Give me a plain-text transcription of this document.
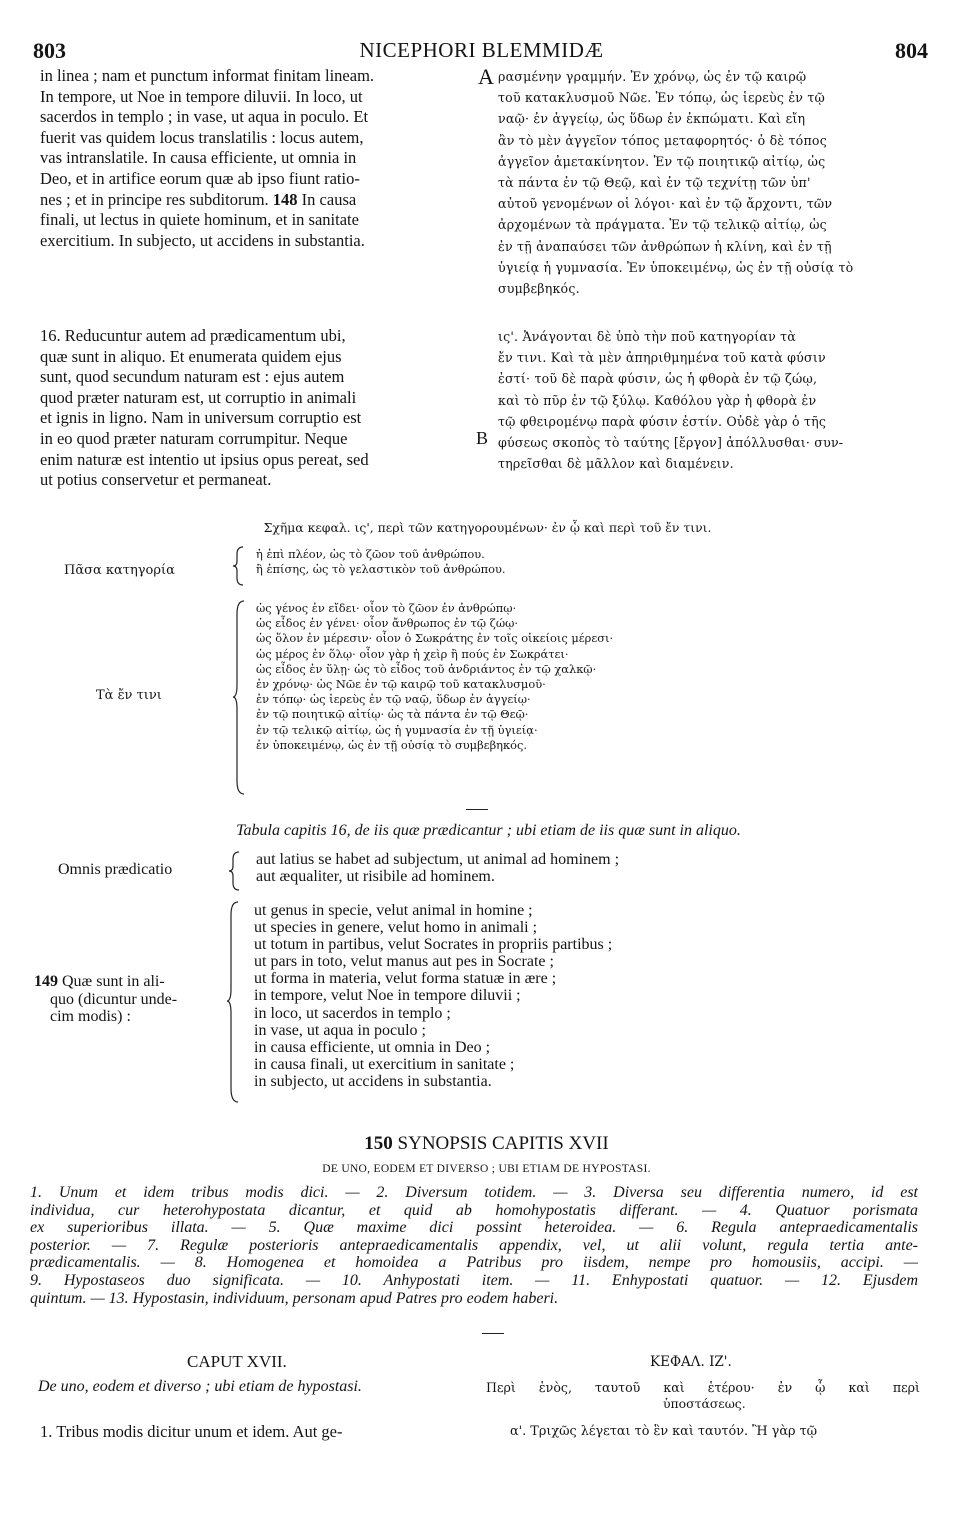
803	NICEPHORI BLEMMIDÆ	804
in linea ; nam et punctum informat finitam lineam.
In tempore, ut Noe in tempore diluvii. In loco, ut
sacerdos in templo ; in vase, ut aqua in poculo. Et
fuerit vas quidem locus translatilis : locus autem,
vas intranslatile. In causa efficiente, ut omnia in
Deo, et in artifice eorum quæ ab ipso fiunt ratio-
nes ; et in principe res subditorum. 148 In causa
finali, ut lectus in quiete hominum, et in sanitate
exercitium. In subjecto, ut accidens in substantia.
A
B
ρασμένην γραμμήν. Ἐν χρόνῳ, ὡς ἐν τῷ καιρῷ
τοῦ κατακλυσμοῦ Νῶε. Ἐν τόπῳ, ὡς ἱερεὺς ἐν τῷ
ναῷ· ἐν ἀγγείῳ, ὡς ὕδωρ ἐν ἐκπώματι. Καὶ εἴη
ἂν τὸ μὲν ἀγγεῖον τόπος μεταφορητός· ὁ δὲ τόπος
ἀγγεῖον ἀμετακίνητον. Ἐν τῷ ποιητικῷ αἰτίῳ, ὡς
τὰ πάντα ἐν τῷ Θεῷ, καὶ ἐν τῷ τεχνίτῃ τῶν ὑπ'
αὐτοῦ γενομένων οἱ λόγοι· καὶ ἐν τῷ ἄρχοντι, τῶν
ἀρχομένων τὰ πράγματα. Ἐν τῷ τελικῷ αἰτίῳ, ὡς
ἐν τῇ ἀναπαύσει τῶν ἀνθρώπων ἡ κλίνη, καὶ ἐν τῇ
ὑγιείᾳ ἡ γυμνασία. Ἐν ὑποκειμένῳ, ὡς ἐν τῇ οὐσίᾳ τὸ
συμβεβηκός.
16. Reducuntur autem ad prædicamentum ubi,
quæ sunt in aliquo. Et enumerata quidem ejus
sunt, quod secundum naturam est : ejus autem
quod præter naturam est, ut corruptio in animali
et ignis in ligno. Nam in universum corruptio est
in eo quod præter naturam corrumpitur. Neque
enim naturæ est intentio ut ipsius opus pereat, sed
ut potius conservetur et permaneat.
ις'. Ἀνάγονται δὲ ὑπὸ τὴν ποῦ κατηγορίαν τὰ
ἔν τινι. Καὶ τὰ μὲν ἀπηριθμημένα τοῦ κατὰ φύσιν
ἐστί· τοῦ δὲ παρὰ φύσιν, ὡς ἡ φθορὰ ἐν τῷ ζώῳ,
καὶ τὸ πῦρ ἐν τῷ ξύλῳ. Καθόλου γὰρ ἡ φθορὰ ἐν
τῷ φθειρομένῳ παρὰ φύσιν ἐστίν. Οὐδὲ γὰρ ὁ τῆς
φύσεως σκοπὸς τὸ ταύτης [ἔργον] ἀπόλλυσθαι· συν-
τηρεῖσθαι δὲ μᾶλλον καὶ διαμένειν.
Σχῆμα κεφαλ. ις', περὶ τῶν κατηγορουμένων· ἐν ᾧ καὶ περὶ τοῦ ἔν τινι.
Πᾶσα κατηγορία
ἡ ἐπὶ πλέον, ὡς τὸ ζῶον τοῦ ἀνθρώπου.
ἢ ἐπίσης, ὡς τὸ γελαστικὸν τοῦ ἀνθρώπου.
Τὰ ἔν τινι
ὡς γένος ἐν εἴδει· οἷον τὸ ζῶον ἐν ἀνθρώπῳ·
ὡς εἶδος ἐν γένει· οἷον ἄνθρωπος ἐν τῷ ζώῳ·
ὡς ὅλον ἐν μέρεσιν· οἷον ὁ Σωκράτης ἐν τοῖς οἰκείοις μέρεσι·
ὡς μέρος ἐν ὅλῳ· οἷον γὰρ ἡ χεὶρ ἢ πούς ἐν Σωκράτει·
ὡς εἶδος ἐν ὕλῃ· ὡς τὸ εἶδος τοῦ ἀνδριάντος ἐν τῷ χαλκῷ·
ἐν χρόνῳ· ὡς Νῶε ἐν τῷ καιρῷ τοῦ κατακλυσμοῦ·
ἐν τόπῳ· ὡς ἱερεὺς ἐν τῷ ναῷ, ὕδωρ ἐν ἀγγείῳ·
ἐν τῷ ποιητικῷ αἰτίῳ· ὡς τὰ πάντα ἐν τῷ Θεῷ·
ἐν τῷ τελικῷ αἰτίῳ, ὡς ἡ γυμνασία ἐν τῇ ὑγιείᾳ·
ἐν ὑποκειμένῳ, ὡς ἐν τῇ οὐσίᾳ τὸ συμβεβηκός.
Tabula capitis 16, de iis quæ prædicantur ; ubi etiam de iis quæ sunt in aliquo.
Omnis prædicatio
aut latius se habet ad subjectum, ut animal ad hominem ;
aut æqualiter, ut risibile ad hominem.
149 Quæ sunt in ali-
quo (dicuntur unde-
cim modis) :
ut genus in specie, velut animal in homine ;
ut species in genere, velut homo in animali ;
ut totum in partibus, velut Socrates in propriis partibus ;
ut pars in toto, velut manus aut pes in Socrate ;
ut forma in materia, velut forma statuæ in ære ;
in tempore, velut Noe in tempore diluvii ;
in loco, ut sacerdos in templo ;
in vase, ut aqua in poculo ;
in causa efficiente, ut omnia in Deo ;
in causa finali, ut exercitium in sanitate ;
in subjecto, ut accidens in substantia.
150 SYNOPSIS CAPITIS XVII
DE UNO, EODEM ET DIVERSO ; UBI ETIAM DE HYPOSTASI.
1. Unum et idem tribus modis dici. — 2. Diversum totidem. — 3. Diversa seu differentia numero, id est
individua, cur heterohypostata dicantur, et quid ab homohypostatis differant. — 4. Quatuor porismata
ex superioribus illata. — 5. Quæ maxime dici possint heteroidea. — 6. Regula antepraedicamentalis
posterior. — 7. Regulæ posterioris antepraedicamentalis appendix, vel, ut alii volunt, regula tertia ante-
prædicamentalis. — 8. Homogenea et homoidea a Patribus pro iisdem, nempe pro homousiis, accipi. —
9. Hypostaseos duo significata. — 10. Anhypostati item. — 11. Enhypostati quatuor. — 12. Ejusdem
quintum. — 13. Hypostasin, individuum, personam apud Patres pro eodem haberi.
CAPUT XVII.
De uno, eodem et diverso ; ubi etiam de hypostasi.
ΚΕΦΑΛ. ΙΖ'.
Περὶ ἑνὸς, ταυτοῦ καὶ ἑτέρου· ἐν ᾧ καὶ περὶ
ὑποστάσεως.
1. Tribus modis dicitur unum et idem. Aut ge-	α'. Τριχῶς λέγεται τὸ ἓν καὶ ταυτόν. Ἢ γὰρ τῷ
